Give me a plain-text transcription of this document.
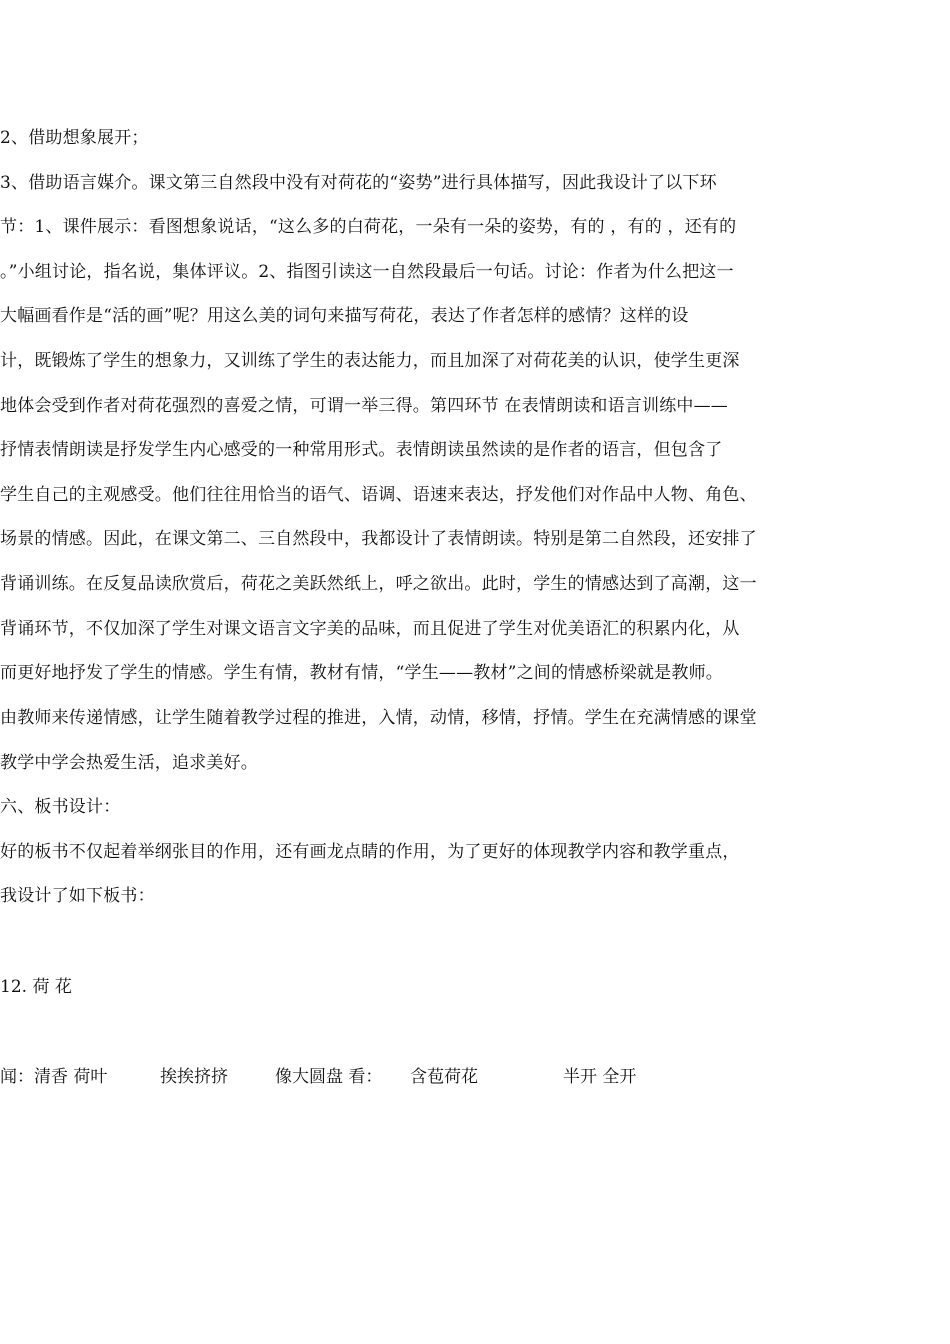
2、借助想象展开；
3、借助语言媒介。课文第三自然段中没有对荷花的“姿势”进行具体描写，因此我设计了以下环
节：1、课件展示：看图想象说话，“这么多的白荷花，一朵有一朵的姿势，有的 ，有的 ，还有的
。”小组讨论，指名说，集体评议。2、指图引读这一自然段最后一句话。讨论：作者为什么把这一
大幅画看作是“活的画”呢？用这么美的词句来描写荷花，表达了作者怎样的感情？这样的设
计，既锻炼了学生的想象力，又训练了学生的表达能力，而且加深了对荷花美的认识，使学生更深
地体会受到作者对荷花强烈的喜爱之情，可谓一举三得。第四环节 在表情朗读和语言训练中——
抒情表情朗读是抒发学生内心感受的一种常用形式。表情朗读虽然读的是作者的语言，但包含了
学生自己的主观感受。他们往往用恰当的语气、语调、语速来表达，抒发他们对作品中人物、角色、
场景的情感。因此，在课文第二、三自然段中，我都设计了表情朗读。特别是第二自然段，还安排了
背诵训练。在反复品读欣赏后，荷花之美跃然纸上，呼之欲出。此时，学生的情感达到了高潮，这一
背诵环节，不仅加深了学生对课文语言文字美的品味，而且促进了学生对优美语汇的积累内化，从
而更好地抒发了学生的情感。学生有情，教材有情，“学生——教材”之间的情感桥梁就是教师。
由教师来传递情感，让学生随着教学过程的推进，入情，动情，移情，抒情。学生在充满情感的课堂
教学中学会热爱生活，追求美好。
六、板书设计：
好的板书不仅起着举纲张目的作用，还有画龙点睛的作用，为了更好的体现教学内容和教学重点，
我设计了如下板书：
12. 荷 花
闻：清香 荷叶	挨挨挤挤	像大圆盘 看： 含苞荷花	半开 全开
